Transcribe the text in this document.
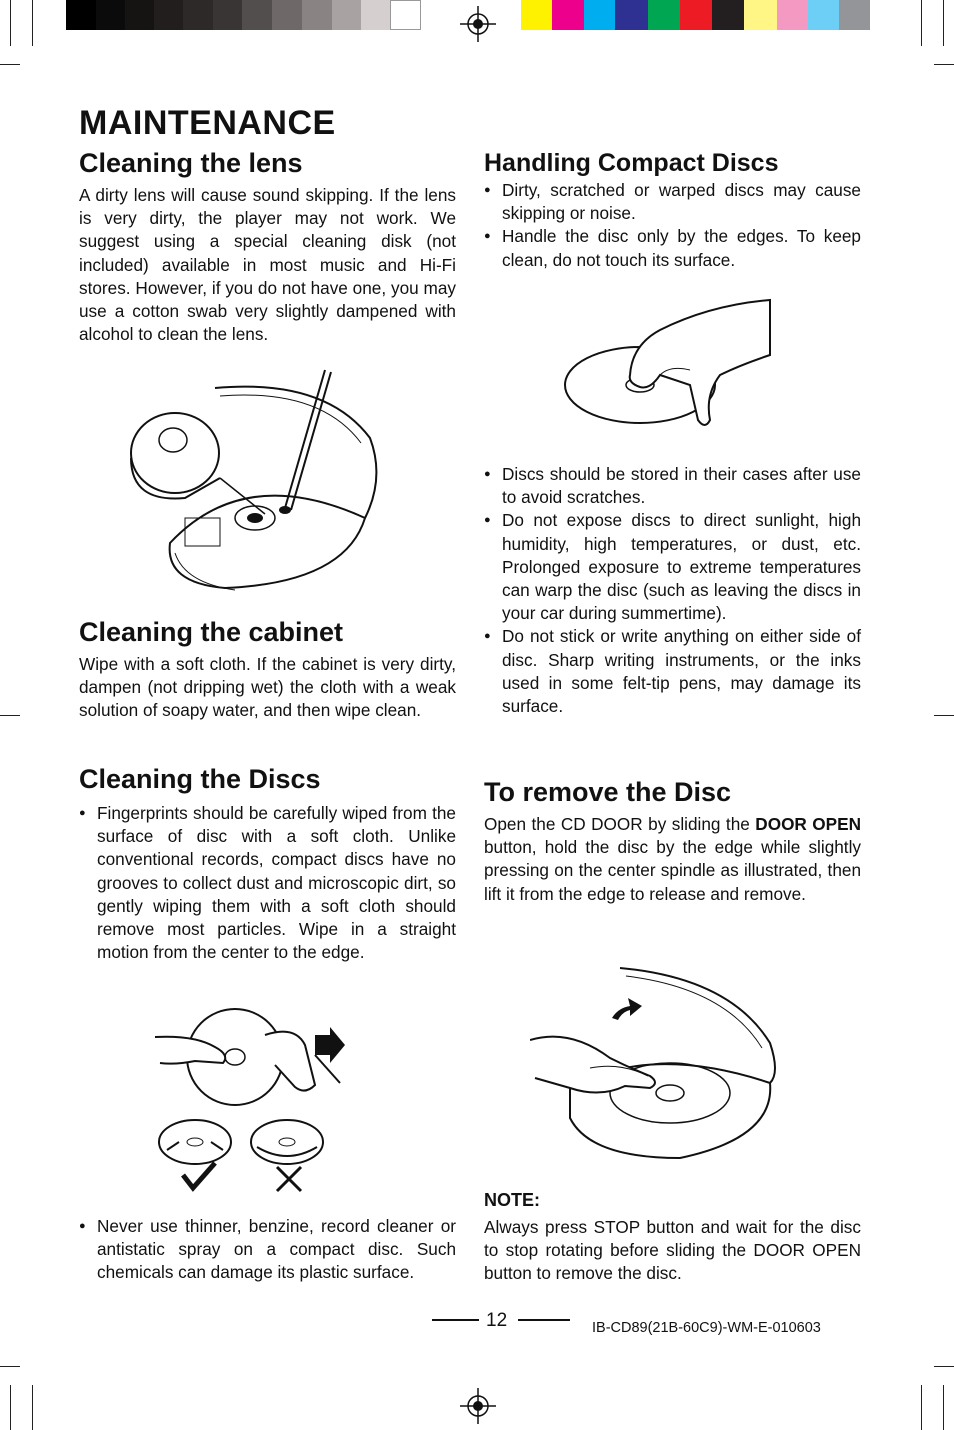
MAINTENANCE
Cleaning the lens

A dirty lens will cause sound skipping. If the lens is very dirty, the player may not work. We suggest using a special cleaning disk (not included) available in most music and Hi-Fi stores. However, if you do not have one, you may use a cotton swab very slightly dampened with alcohol to clean the lens.

Cleaning the cabinet

Wipe with a soft cloth. If the cabinet is very dirty, dampen (not dripping wet) the cloth with a weak solution of soapy water, and then wipe clean.

Cleaning the Discs
● Fingerprints should be carefully wiped from the surface of disc with a soft cloth. Unlike conventional records, compact discs have no grooves to collect dust and microscopic dirt, so gently wiping them with a soft cloth should remove most particles. Wipe in a straight motion from the center to the edge.
● Never use thinner, benzine, record cleaner or antistatic spray on a compact disc. Such chemicals can damage its plastic surface.
Handling Compact Discs
● Dirty, scratched or warped discs may cause skipping or noise.
● Handle the disc only by the edges. To keep clean, do not touch its surface.
● Discs should be stored in their cases after use to avoid scratches.
● Do not expose discs to direct sunlight, high humidity, high temperatures, or dust, etc. Prolonged exposure to extreme temperatures can warp the disc (such as leaving the discs in your car during summertime).
● Do not stick or write anything on either side of disc. Sharp writing instruments, or the inks used in some felt-tip pens, may damage its surface.
To remove the Disc

Open the CD DOOR by sliding the DOOR OPEN button, hold the disc by the edge while slightly pressing on the center spindle as illustrated, then lift it from the edge to release and remove.

NOTE:

Always press STOP button and wait for the disc to stop rotating before sliding the DOOR OPEN button to remove the disc.

12	IB-CD89(21B-60C9)-WM-E-010603
